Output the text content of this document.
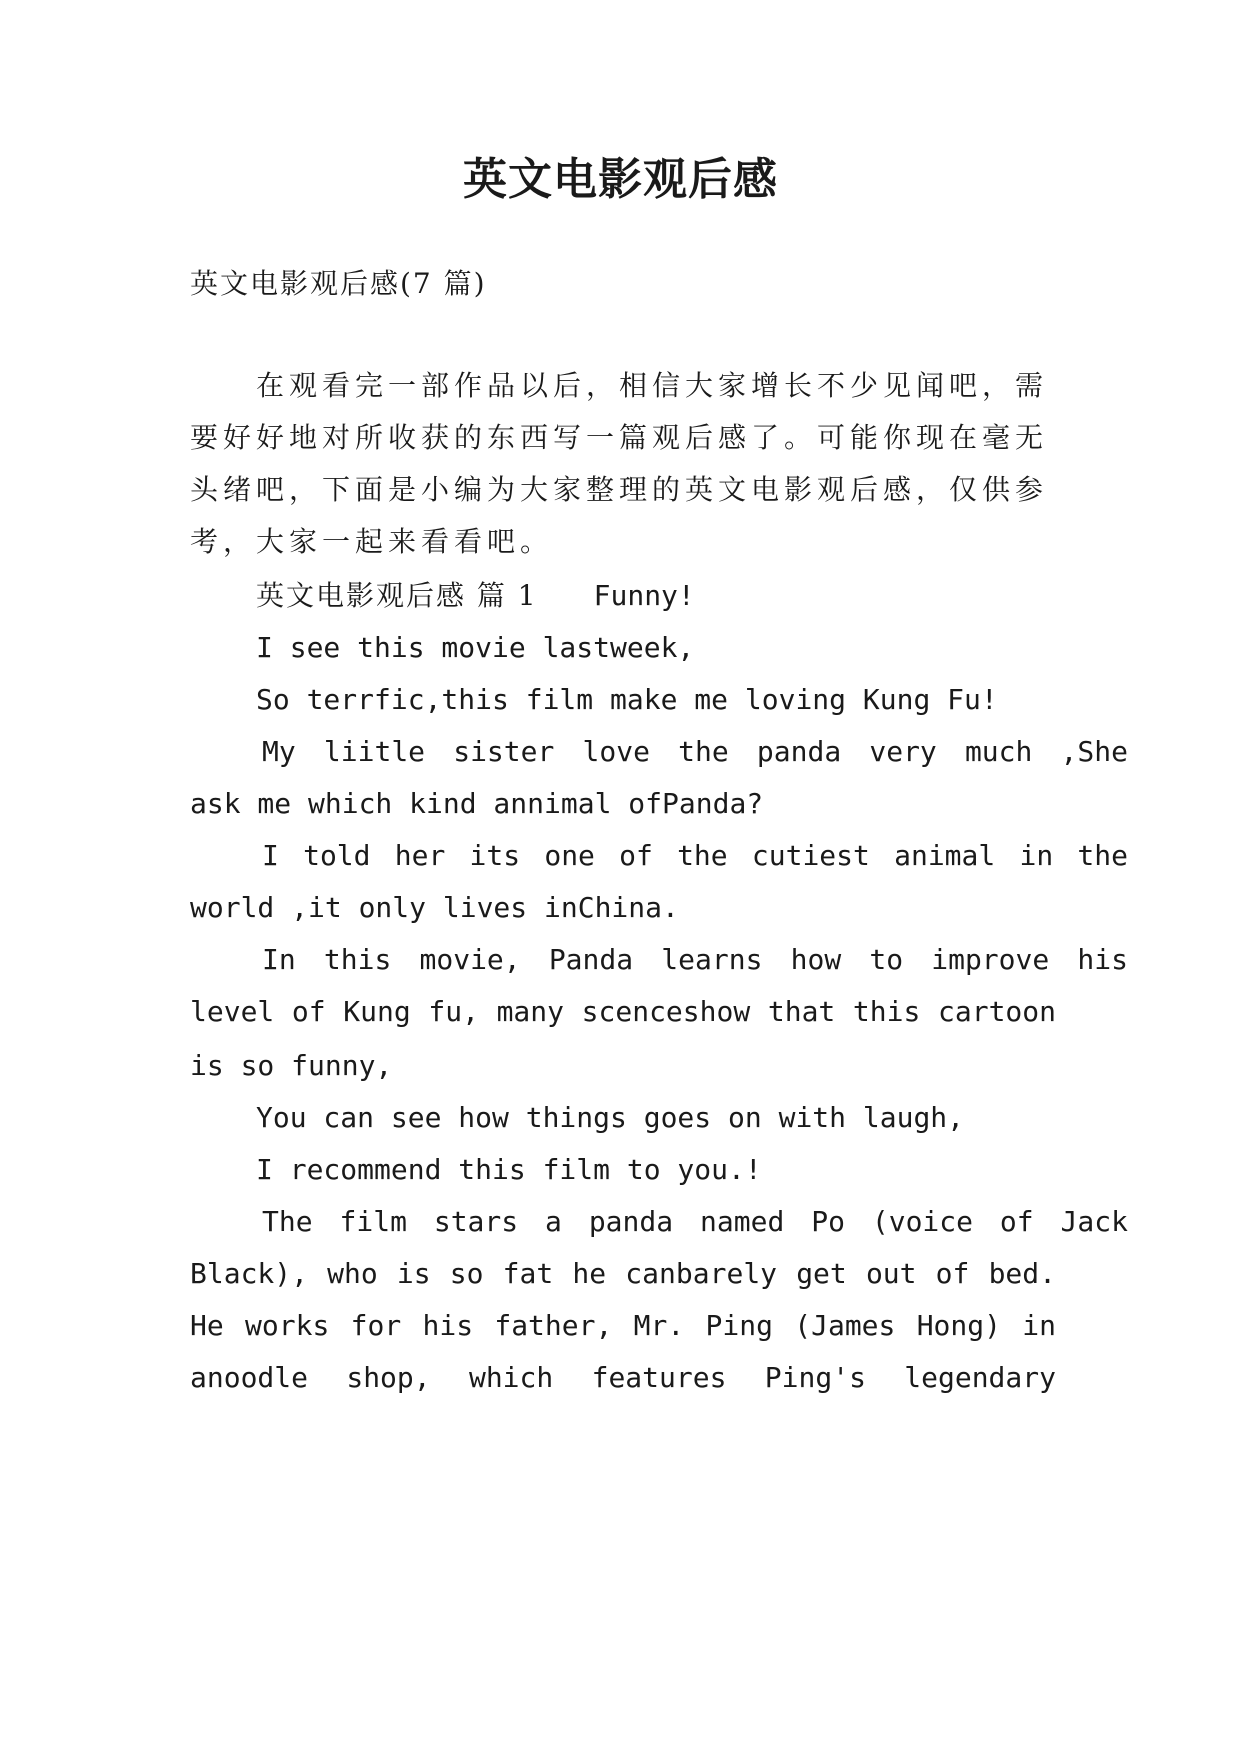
英文电影观后感
英文电影观后感(7 篇)
在观看完一部作品以后，相信大家增长不少见闻吧，需
要好好地对所收获的东西写一篇观后感了。可能你现在毫无
头绪吧，下面是小编为大家整理的英文电影观后感，仅供参
考，大家一起来看看吧。
英文电影观后感 篇 1 Funny!
I see this movie lastweek,
So terrfic,this film make me loving Kung Fu!
My liitle sister love the panda very much ,She
ask me which kind annimal ofPanda?
I told her its one of the cutiest animal in the
world ,it only lives inChina.
In this movie, Panda learns how to improve his
level of Kung fu, many scenceshow that this cartoon
is so funny,
You can see how things goes on with laugh,
I recommend this film to you.!
The film stars a panda named Po (voice of Jack
Black), who is so fat he canbarely get out of bed.
He works for his father, Mr. Ping (James Hong) in
anoodle shop, which features Ping's legendary
